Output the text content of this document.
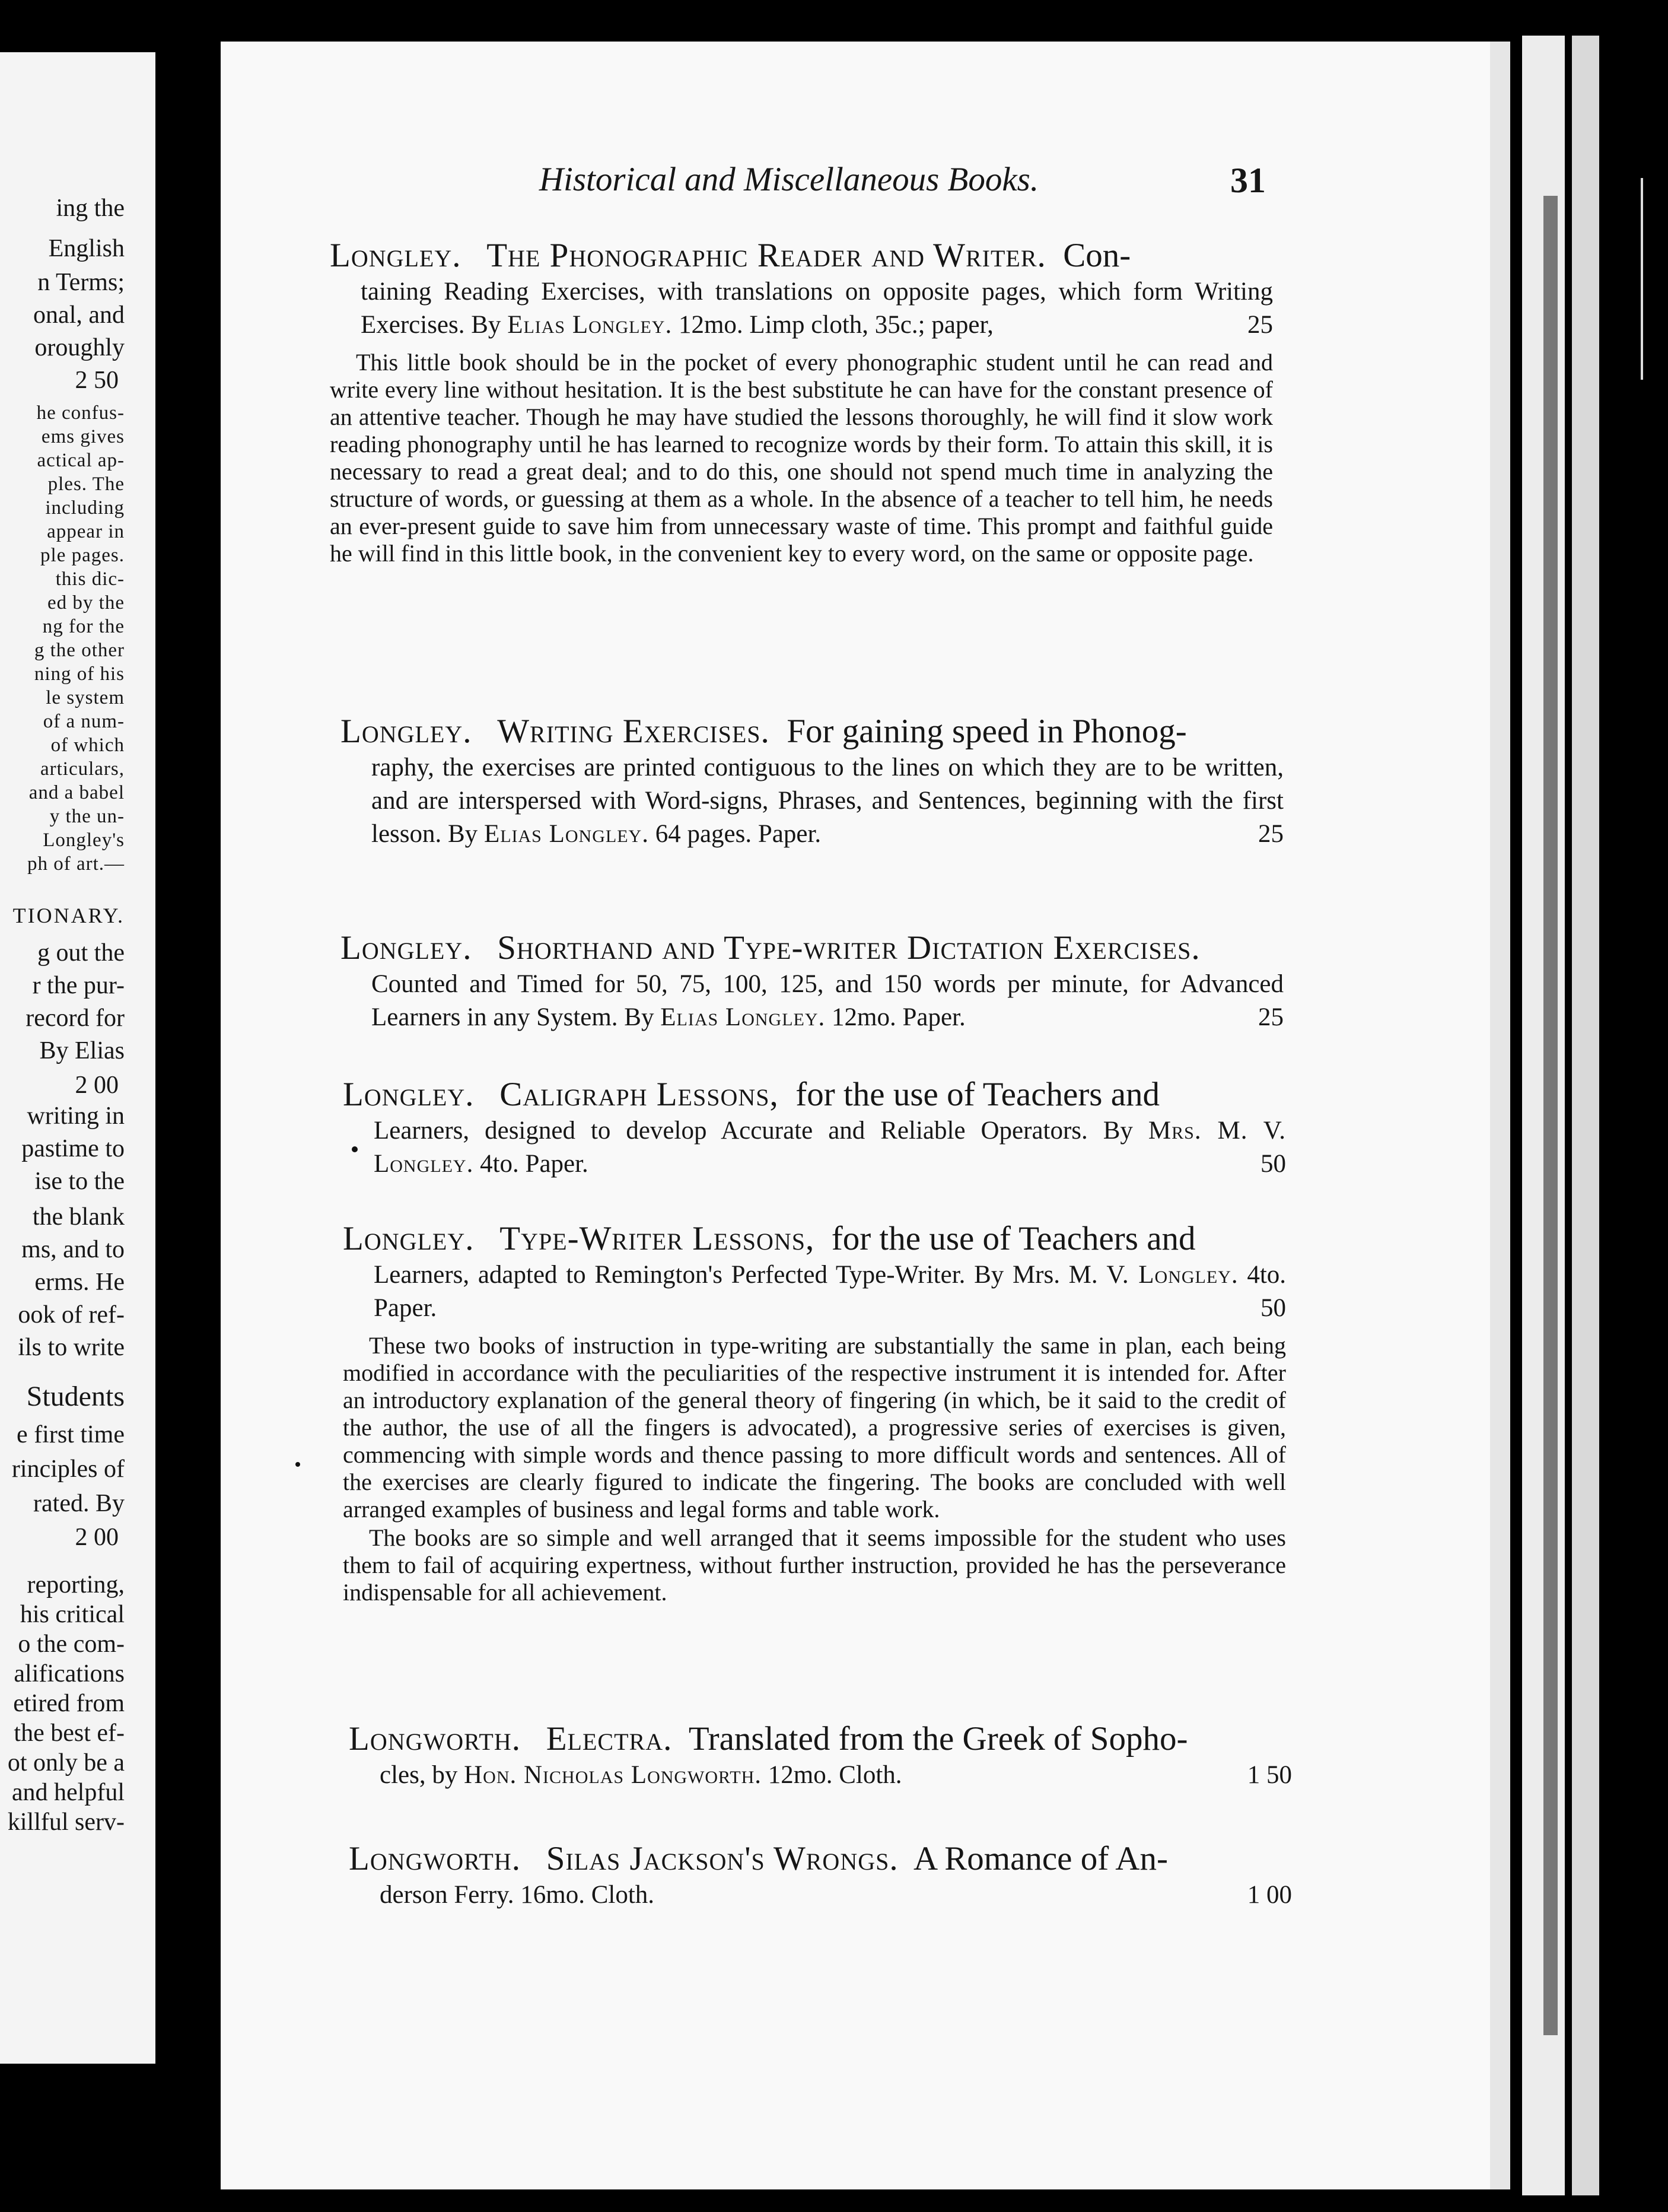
ing the
English
n Terms;
onal, and
oroughly
2 50
he confus-
ems gives
actical ap-
ples. The
including
appear in
ple pages.
this dic-
ed by the
ng for the
g the other
ning of his
le system
of a num-
of which
articulars,
and a babel
y the un-
Longley's
ph of art.—
TIONARY.
g out the
r the pur-
record for
By Elias
2 00
writing in
pastime to
ise to the
the blank
ms, and to
erms. He
ook of ref-
ils to write
Students
e first time
rinciples of
rated. By
2 00
reporting,
his critical
o the com-
alifications
etired from
the best ef-
ot only be a
and helpful
killful serv-
Historical and Miscellaneous Books.	31
Longley. The Phonographic Reader and Writer. Con-
taining Reading Exercises, with translations on opposite pages, which form Writing Exercises. By Elias Longley. 12mo. Limp cloth, 35c.; paper,	25

This little book should be in the pocket of every phonographic student until he can read and write every line without hesitation. It is the best substitute he can have for the constant presence of an attentive teacher. Though he may have studied the lessons thoroughly, he will find it slow work reading phonography until he has learned to recognize words by their form. To attain this skill, it is necessary to read a great deal; and to do this, one should not spend much time in analyzing the structure of words, or guessing at them as a whole. In the absence of a teacher to tell him, he needs an ever-present guide to save him from unnecessary waste of time. This prompt and faithful guide he will find in this little book, in the convenient key to every word, on the same or opposite page.

Longley. Writing Exercises. For gaining speed in Phonog-
raphy, the exercises are printed contiguous to the lines on which they are to be written, and are interspersed with Word-signs, Phrases, and Sentences, beginning with the first lesson. By Elias Longley. 64 pages. Paper.	25
Longley. Shorthand and Type-writer Dictation Exercises.
Counted and Timed for 50, 75, 100, 125, and 150 words per minute, for Advanced Learners in any System. By Elias Longley. 12mo. Paper.	25
Longley. Caligraph Lessons, for the use of Teachers and
Learners, designed to develop Accurate and Reliable Operators. By Mrs. M. V. Longley. 4to. Paper.	50
Longley. Type-Writer Lessons, for the use of Teachers and
Learners, adapted to Remington's Perfected Type-Writer. By Mrs. M. V. Longley. 4to. Paper.	50

These two books of instruction in type-writing are substantially the same in plan, each being modified in accordance with the peculiarities of the respective instrument it is intended for. After an introductory explanation of the general theory of fingering (in which, be it said to the credit of the author, the use of all the fingers is advocated), a progressive series of exercises is given, commencing with simple words and thence passing to more difficult words and sentences. All of the exercises are clearly figured to indicate the fingering. The books are concluded with well arranged examples of business and legal forms and table work.

The books are so simple and well arranged that it seems impossible for the student who uses them to fail of acquiring expertness, without further instruction, provided he has the perseverance indispensable for all achievement.

Longworth. Electra. Translated from the Greek of Sopho-
cles, by Hon. Nicholas Longworth. 12mo. Cloth.	1 50
Longworth. Silas Jackson's Wrongs. A Romance of An-
derson Ferry. 16mo. Cloth.	1 00
